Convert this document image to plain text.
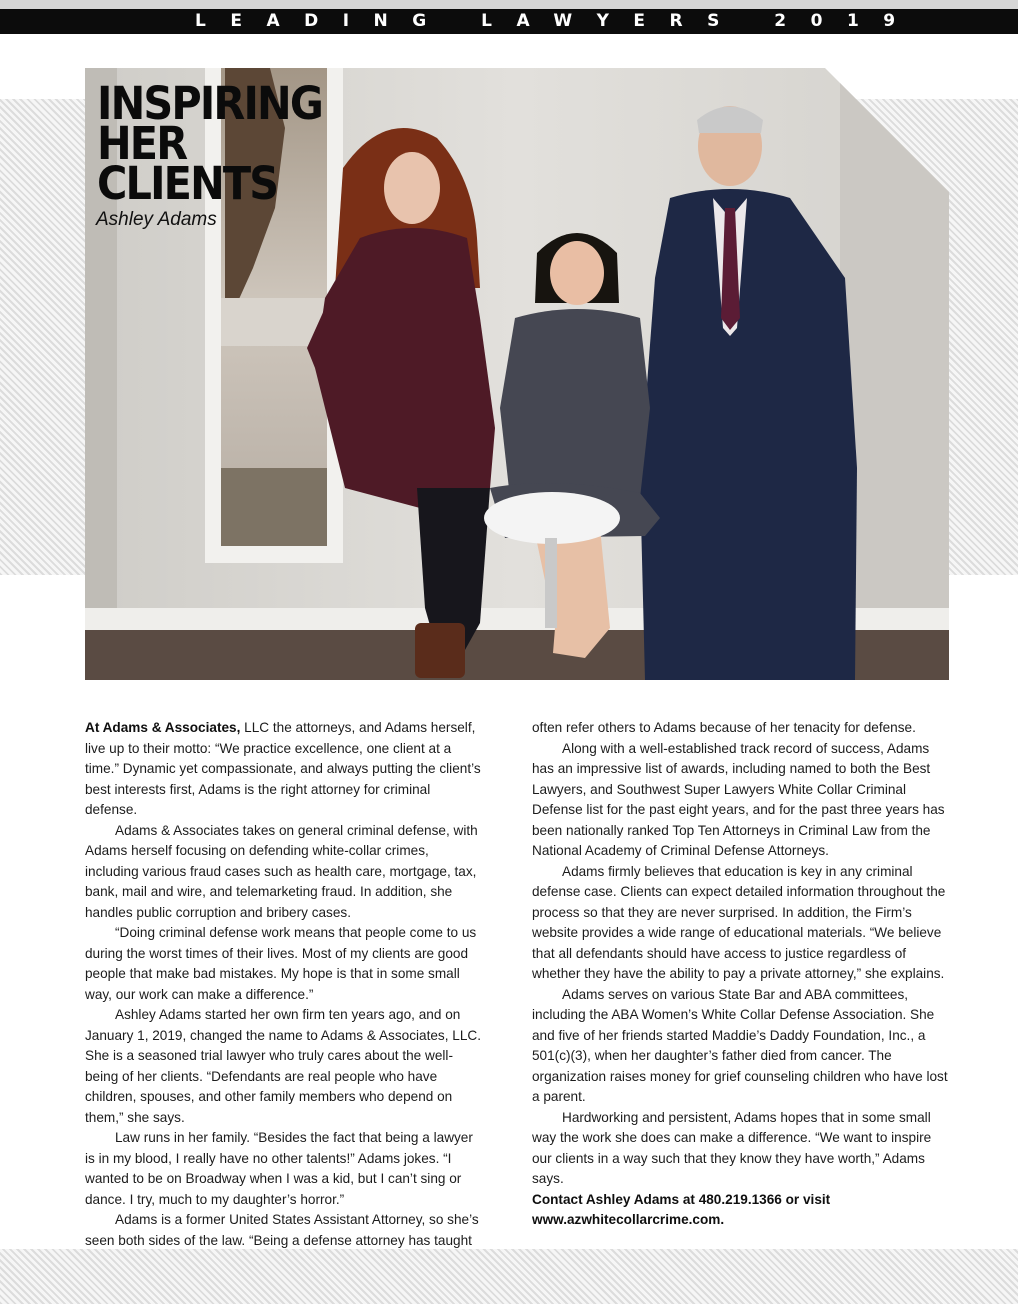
LEADING LAWYERS 2019
INSPIRING
HER
CLIENTS
Ashley Adams

At Adams & Associates, LLC the attorneys, and Adams herself, live up to their motto: “We practice excellence, one client at a time.” Dynamic yet compassionate, and always putting the client’s best interests first, Adams is the right attorney for criminal defense.

Adams & Associates takes on general criminal defense, with Adams herself focusing on defending white-collar crimes, including various fraud cases such as health care, mortgage, tax, bank, mail and wire, and telemarketing fraud. In addition, she handles public corruption and bribery cases.

“Doing criminal defense work means that people come to us during the worst times of their lives. Most of my clients are good people that make bad mistakes. My hope is that in some small way, our work can make a difference.”

Ashley Adams started her own firm ten years ago, and on January 1, 2019, changed the name to Adams & Associates, LLC. She is a seasoned trial lawyer who truly cares about the well-being of her clients. “Defendants are real people who have children, spouses, and other family members who depend on them,” she says.

Law runs in her family. “Besides the fact that being a lawyer is in my blood, I really have no other talents!” Adams jokes. “I wanted to be on Broadway when I was a kid, but I can’t sing or dance. I try, much to my daughter’s horror.”

Adams is a former United States Assistant Attorney, so she’s seen both sides of the law. “Being a defense attorney has taught

often refer others to Adams because of her tenacity for defense.

Along with a well-established track record of success, Adams has an impressive list of awards, including named to both the Best Lawyers, and Southwest Super Lawyers White Collar Criminal Defense list for the past eight years, and for the past three years has been nationally ranked Top Ten Attorneys in Criminal Law from the National Academy of Criminal Defense Attorneys.

Adams firmly believes that education is key in any criminal defense case. Clients can expect detailed information throughout the process so that they are never surprised. In addition, the Firm’s website provides a wide range of educational materials. “We believe that all defendants should have access to justice regardless of whether they have the ability to pay a private attorney,” she explains.

Adams serves on various State Bar and ABA committees, including the ABA Women’s White Collar Defense Association. She and five of her friends started Maddie’s Daddy Foundation, Inc., a 501(c)(3), when her daughter’s father died from cancer. The organization raises money for grief counseling children who have lost a parent.

Hardworking and persistent, Adams hopes that in some small way the work she does can make a difference. “We want to inspire our clients in a way such that they know they have worth,” Adams says.

Contact Ashley Adams at 480.219.1366 or visit www.azwhitecollarcrime.com.
